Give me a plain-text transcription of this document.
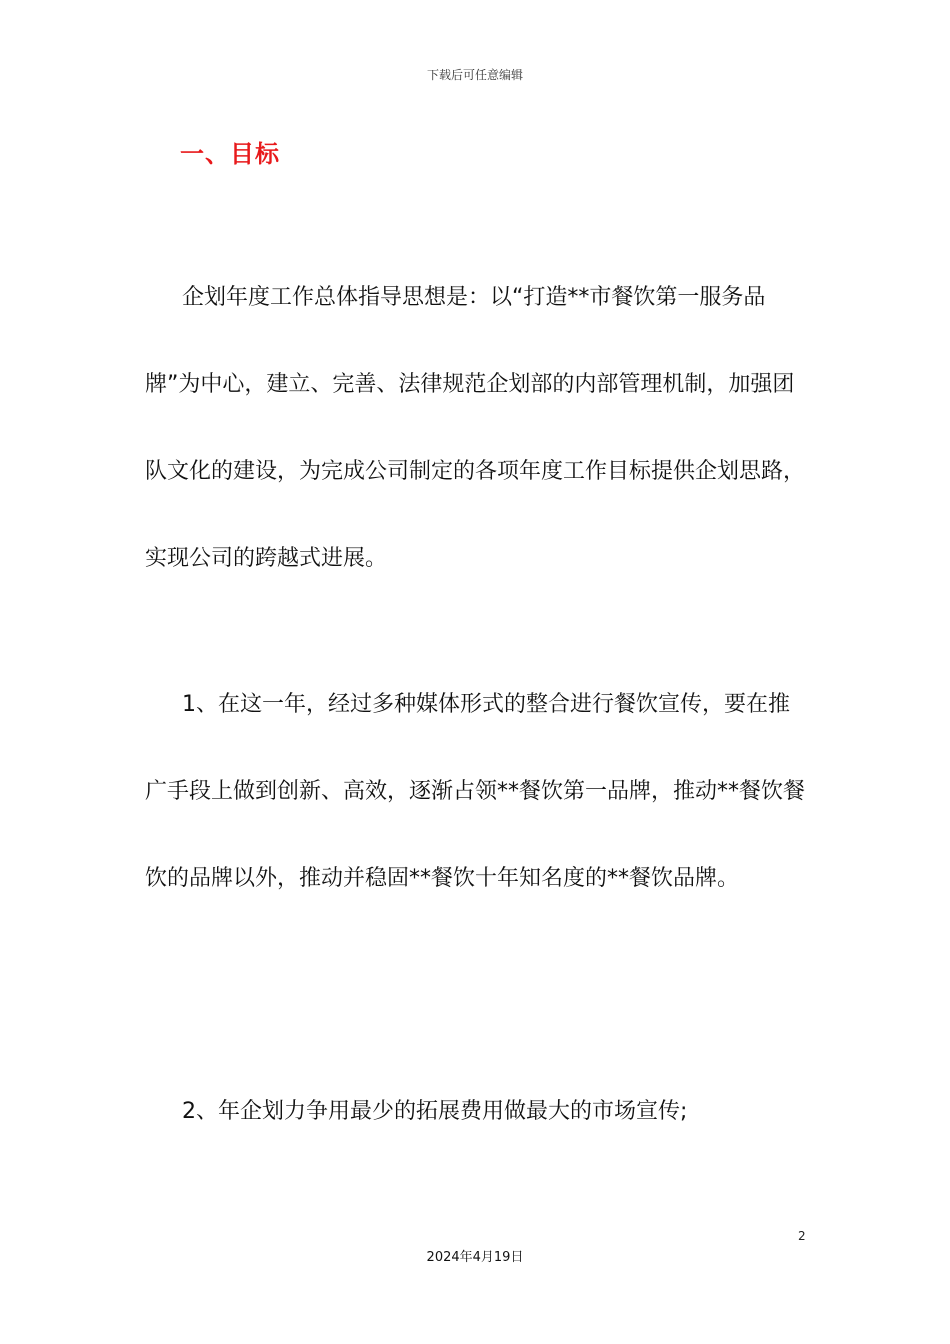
下载后可任意编辑
一、目标

企划年度工作总体指导思想是：以“打造**市餐饮第一服务品牌”为中心，建立、完善、法律规范企划部的内部管理机制，加强团队文化的建设，为完成公司制定的各项年度工作目标提供企划思路，实现公司的跨越式进展。

1、在这一年，经过多种媒体形式的整合进行餐饮宣传，要在推广手段上做到创新、高效，逐渐占领**餐饮第一品牌，推动**餐饮餐饮的品牌以外，推动并稳固**餐饮十年知名度的**餐饮品牌。

2、年企划力争用最少的拓展费用做最大的市场宣传;

2
2024年4月19日
